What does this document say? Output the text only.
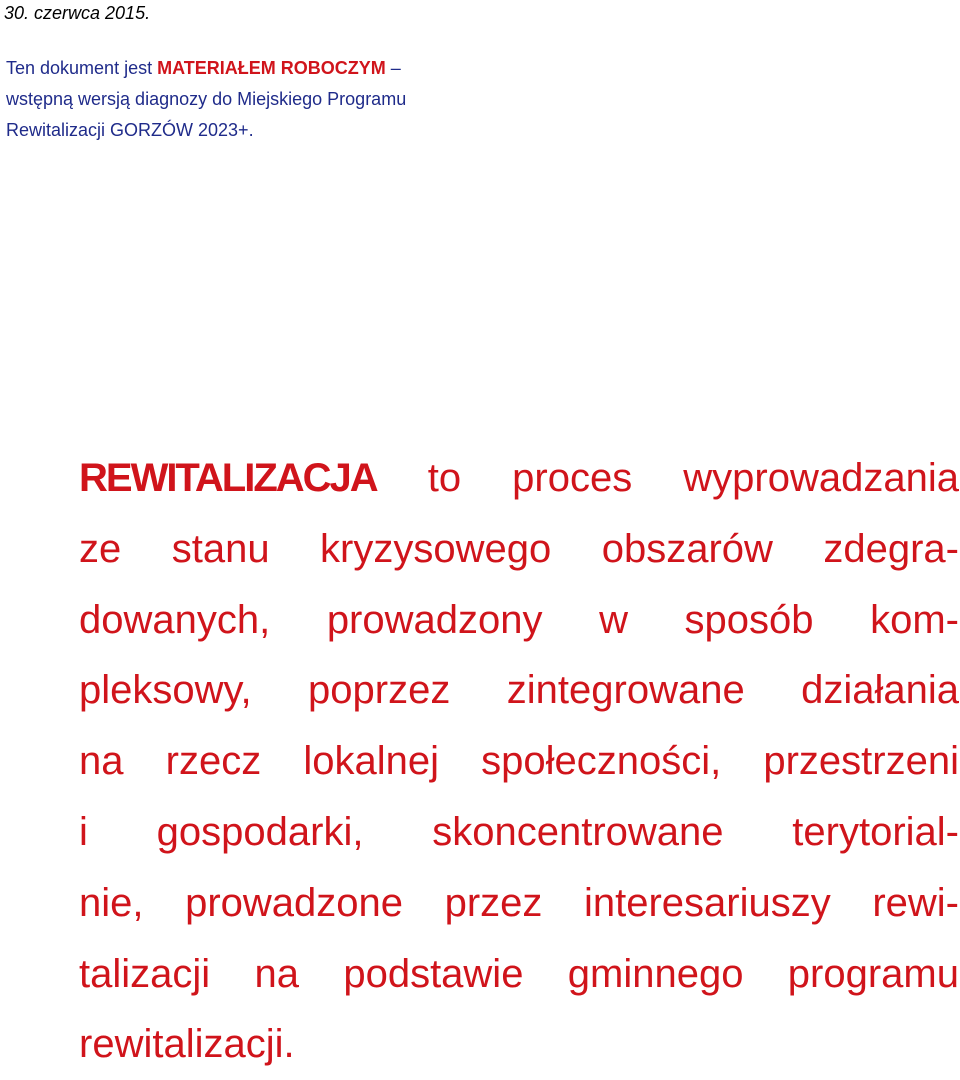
30. czerwca 2015.
Ten dokument jest MATERIAŁEM ROBOCZYM –
wstępną wersją diagnozy do Miejskiego Programu
Rewitalizacji GORZÓW 2023+.
REWITALIZACJA to proces wyprowadzania
ze stanu kryzysowego obszarów zdegra-
dowanych, prowadzony w sposób kom-
pleksowy, poprzez zintegrowane działania
na rzecz lokalnej społeczności, przestrzeni
i gospodarki, skoncentrowane terytorial-
nie, prowadzone przez interesariuszy rewi-
talizacji na podstawie gminnego programu
rewitalizacji.
